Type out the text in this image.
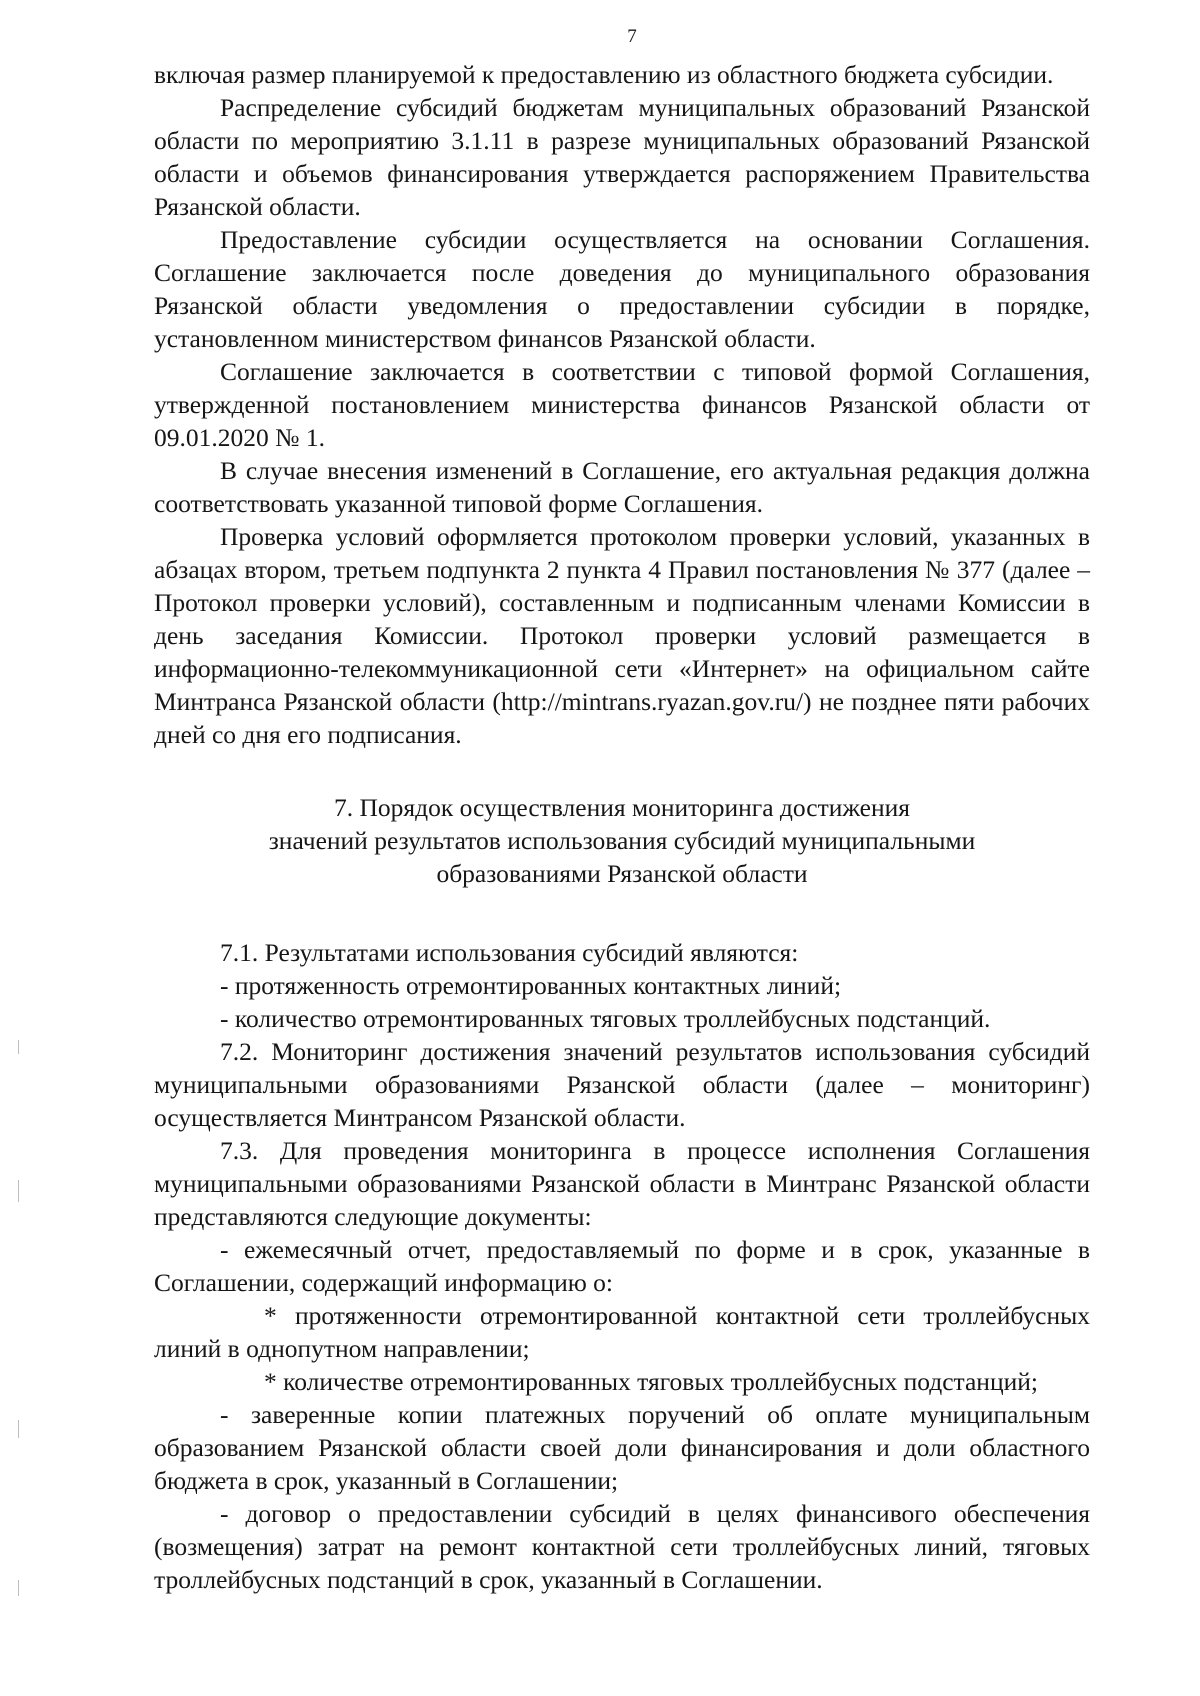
7

включая размер планируемой к предоставлению из областного бюджета субсидии.

Распределение субсидий бюджетам муниципальных образований Рязанской области по мероприятию 3.1.11 в разрезе муниципальных образований Рязанской области и объемов финансирования утверждается распоряжением Правительства Рязанской области.

Предоставление субсидии осуществляется на основании Соглашения. Соглашение заключается после доведения до муниципального образования Рязанской области уведомления о предоставлении субсидии в порядке, установленном министерством финансов Рязанской области.

Соглашение заключается в соответствии с типовой формой Соглашения, утвержденной постановлением министерства финансов Рязанской области от 09.01.2020 № 1.

В случае внесения изменений в Соглашение, его актуальная редакция должна соответствовать указанной типовой форме Соглашения.

Проверка условий оформляется протоколом проверки условий, указанных в абзацах втором, третьем подпункта 2 пункта 4 Правил постановления № 377 (далее – Протокол проверки условий), составленным и подписанным членами Комиссии в день заседания Комиссии. Протокол проверки условий размещается в информационно-телекоммуникационной сети «Интернет» на официальном сайте Минтранса Рязанской области (http://mintrans.ryazan.gov.ru/) не позднее пяти рабочих дней со дня его подписания.

7. Порядок осуществления мониторинга достижения
значений результатов использования субсидий муниципальными
образованиями Рязанской области

7.1. Результатами использования субсидий являются:

- протяженность отремонтированных контактных линий;

- количество отремонтированных тяговых троллейбусных подстанций.

7.2. Мониторинг достижения значений результатов использования субсидий муниципальными образованиями Рязанской области (далее – мониторинг) осуществляется Минтрансом Рязанской области.

7.3. Для проведения мониторинга в процессе исполнения Соглашения муниципальными образованиями Рязанской области в Минтранс Рязанской области представляются следующие документы:

- ежемесячный отчет, предоставляемый по форме и в срок, указанные в Соглашении, содержащий информацию о:

* протяженности отремонтированной контактной сети троллейбусных линий в однопутном направлении;

* количестве отремонтированных тяговых троллейбусных подстанций;

- заверенные копии платежных поручений об оплате муниципальным образованием Рязанской области своей доли финансирования и доли областного бюджета в срок, указанный в Соглашении;

- договор о предоставлении субсидий в целях финансивого обеспечения (возмещения) затрат на ремонт контактной сети троллейбусных линий, тяговых троллейбусных подстанций в срок, указанный в Соглашении.
